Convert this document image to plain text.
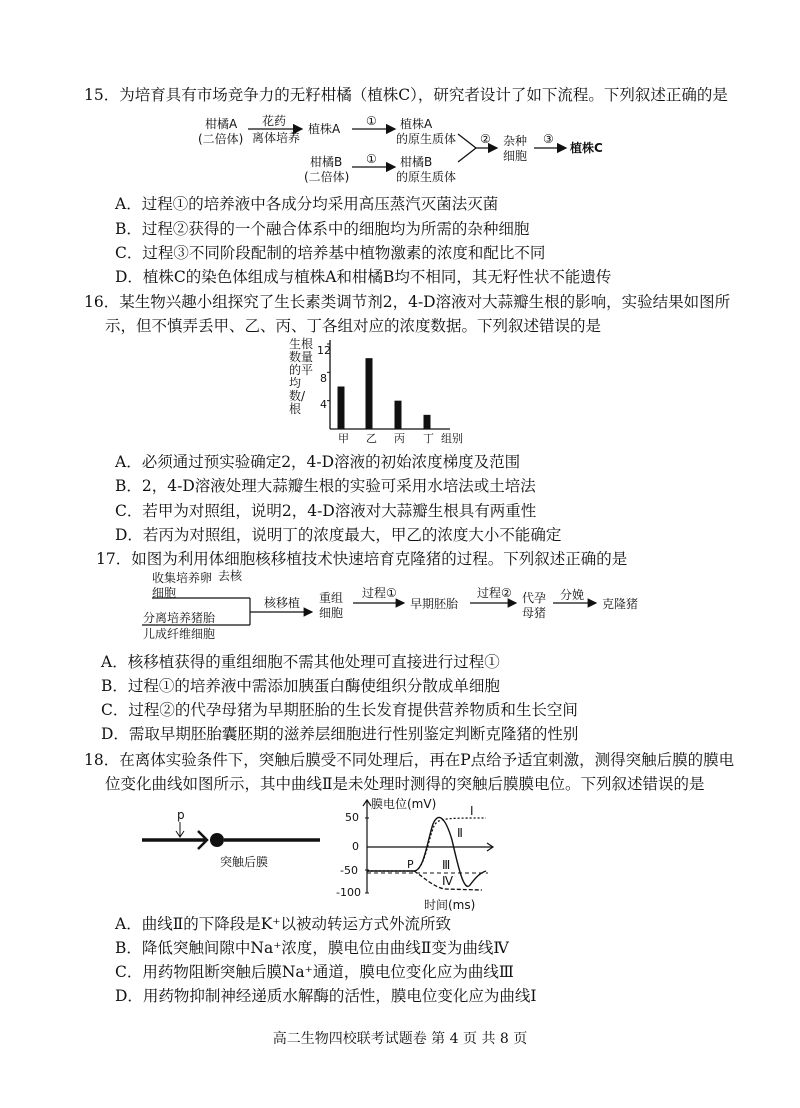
15．为培育具有市场竞争力的无籽柑橘（植株C），研究者设计了如下流程。下列叙述正确的是
柑橘A
(二倍体)
花药
离体培养
植株A
① 植株A
的原生质体
柑橘B
(二倍体)
① 柑橘B
的原生质体
② 杂种
细胞
③
植株C
A．过程①的培养液中各成分均采用高压蒸汽灭菌法灭菌
B．过程②获得的一个融合体系中的细胞均为所需的杂种细胞
C．过程③不同阶段配制的培养基中植物激素的浓度和配比不同
D．植株C的染色体组成与植株A和柑橘B均不相同，其无籽性状不能遗传
16．某生物兴趣小组探究了生长素类调节剂2，4-D溶液对大蒜瓣生根的影响，实验结果如图所
示，但不慎弄丢甲、乙、丙、丁各组对应的浓度数据。下列叙述错误的是
生根数量的平均数/根
12
8
4
甲 乙 丙 丁 组别
A．必须通过预实验确定2，4-D溶液的初始浓度梯度及范围
B．2，4-D溶液处理大蒜瓣生根的实验可采用水培法或土培法
C．若甲为对照组，说明2，4-D溶液对大蒜瓣生根具有两重性
D．若丙为对照组，说明丁的浓度最大，甲乙的浓度大小不能确定
17．如图为利用体细胞核移植技术快速培育克隆猪的过程。下列叙述正确的是
收集培养卵
细胞
去核
分离培养猪胎
儿成纤维细胞
核移植 重组
细胞
过程①
早期胚胎
过程② 代孕
母猪
分娩
克隆猪
A．核移植获得的重组细胞不需其他处理可直接进行过程①
B．过程①的培养液中需添加胰蛋白酶使组织分散成单细胞
C．过程②的代孕母猪为早期胚胎的生长发育提供营养物质和生长空间
D．需取早期胚胎囊胚期的滋养层细胞进行性别鉴定判断克隆猪的性别
18．在离体实验条件下，突触后膜受不同处理后，再在P点给予适宜刺激，测得突触后膜的膜电
位变化曲线如图所示，其中曲线Ⅱ是未处理时测得的突触后膜膜电位。下列叙述错误的是
p
突触后膜
膜电位(mV)
50
0
-50
-100
P
Ⅰ
Ⅱ
Ⅲ
Ⅳ
时间(ms)
A．曲线Ⅱ的下降段是K⁺以被动转运方式外流所致
B．降低突触间隙中Na⁺浓度，膜电位由曲线Ⅱ变为曲线Ⅳ
C．用药物阻断突触后膜Na⁺通道，膜电位变化应为曲线Ⅲ
D．用药物抑制神经递质水解酶的活性，膜电位变化应为曲线Ⅰ
高二生物四校联考试题卷 第 4 页 共 8 页
